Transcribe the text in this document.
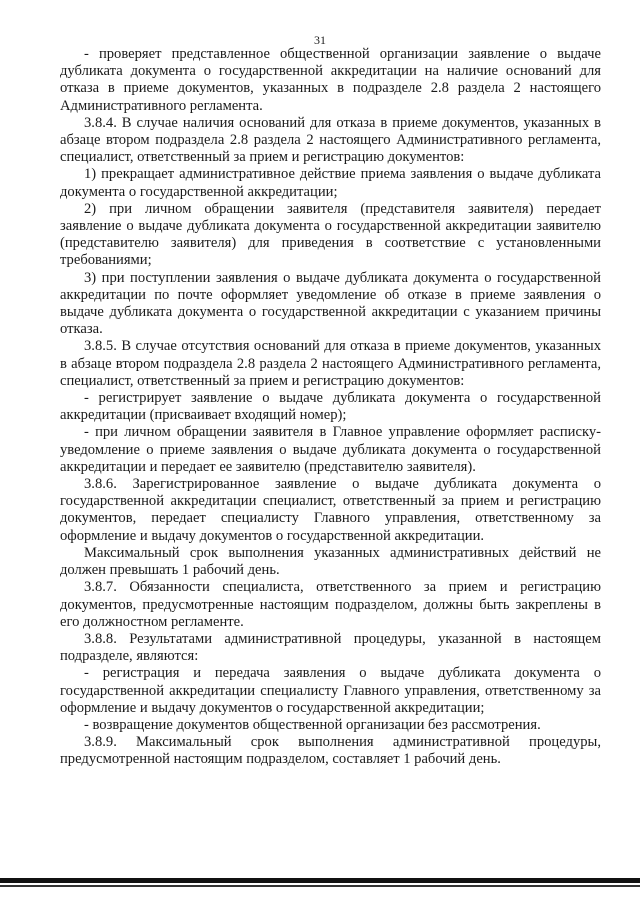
31

- проверяет представленное общественной организации заявление о выдаче дубликата документа о государственной аккредитации на наличие оснований для отказа в приеме документов, указанных в подразделе 2.8 раздела 2 настоящего Административного регламента.

3.8.4. В случае наличия оснований для отказа в приеме документов, указанных в абзаце втором подраздела 2.8 раздела 2 настоящего Административного регламента, специалист, ответственный за прием и регистрацию документов:

1) прекращает административное действие приема заявления о выдаче дубликата документа о государственной аккредитации;

2) при личном обращении заявителя (представителя заявителя) передает заявление о выдаче дубликата документа о государственной аккредитации заявителю (представителю заявителя) для приведения в соответствие с установленными требованиями;

3) при поступлении заявления о выдаче дубликата документа о государственной аккредитации по почте оформляет уведомление об отказе в приеме заявления о выдаче дубликата документа о государственной аккредитации с указанием причины отказа.

3.8.5. В случае отсутствия оснований для отказа в приеме документов, указанных в абзаце втором подраздела 2.8 раздела 2 настоящего Административного регламента, специалист, ответственный за прием и регистрацию документов:

- регистрирует заявление о выдаче дубликата документа о государственной аккредитации (присваивает входящий номер);

- при личном обращении заявителя в Главное управление оформляет расписку-уведомление о приеме заявления о выдаче дубликата документа о государственной аккредитации и передает ее заявителю (представителю заявителя).

3.8.6. Зарегистрированное заявление о выдаче дубликата документа о государственной аккредитации специалист, ответственный за прием и регистрацию документов, передает специалисту Главного управления, ответственному за оформление и выдачу документов о государственной аккредитации.

Максимальный срок выполнения указанных административных действий не должен превышать 1 рабочий день.

3.8.7. Обязанности специалиста, ответственного за прием и регистрацию документов, предусмотренные настоящим подразделом, должны быть закреплены в его должностном регламенте.

3.8.8. Результатами административной процедуры, указанной в настоящем подразделе, являются:

- регистрация и передача заявления о выдаче дубликата документа о государственной аккредитации специалисту Главного управления, ответственному за оформление и выдачу документов о государственной аккредитации;

- возвращение документов общественной организации без рассмотрения.

3.8.9. Максимальный срок выполнения административной процедуры, предусмотренной настоящим подразделом, составляет 1 рабочий день.
